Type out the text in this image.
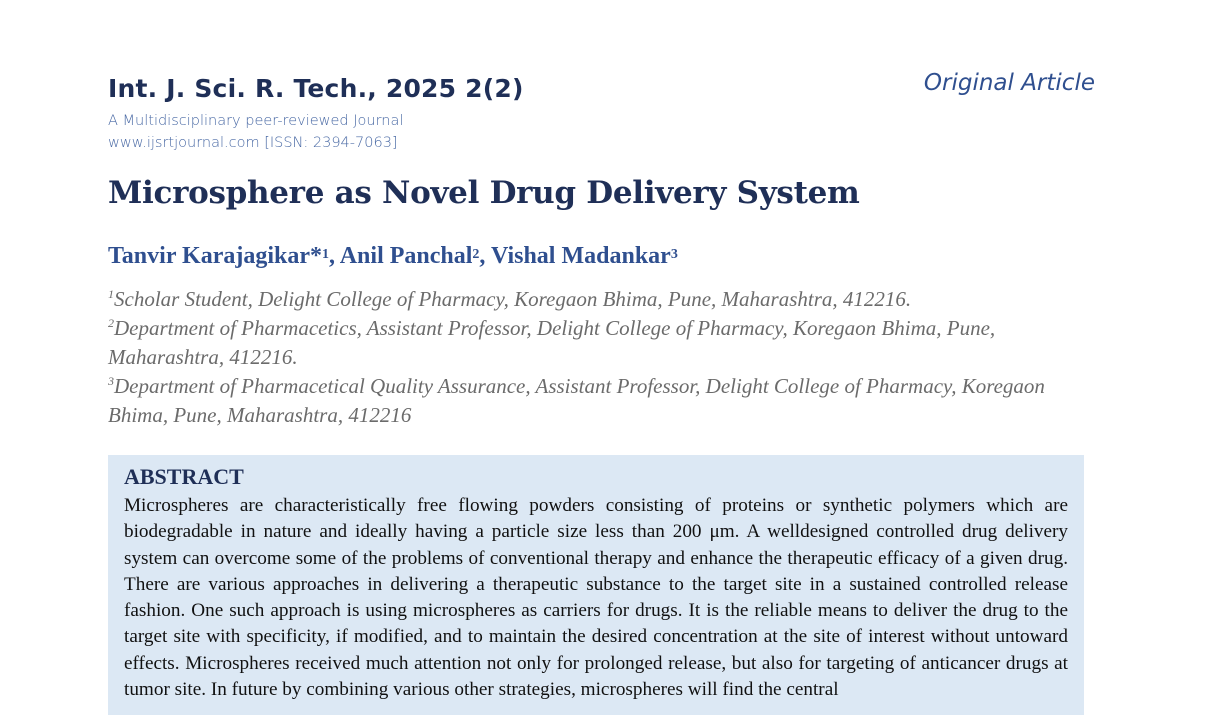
Int. J. Sci. R. Tech., 2025 2(2)	Original Article
A Multidisciplinary peer-reviewed Journal
www.ijsrtjournal.com [ISSN: 2394-7063]
Microsphere as Novel Drug Delivery System
Tanvir Karajagikar*$^1$, Anil Panchal$^2$, Vishal Madankar$^3$
$^1$Scholar Student, Delight College of Pharmacy, Koregaon Bhima, Pune, Maharashtra, 412216.
$^2$Department of Pharmacetics, Assistant Professor, Delight College of Pharmacy, Koregaon Bhima, Pune, Maharashtra, 412216.
$^3$Department of Pharmacetical Quality Assurance, Assistant Professor, Delight College of Pharmacy, Koregaon Bhima, Pune, Maharashtra, 412216
ABSTRACT

Microspheres are characteristically free flowing powders consisting of proteins or synthetic polymers which are biodegradable in nature and ideally having a particle size less than 200 μm. A welldesigned controlled drug delivery system can overcome some of the problems of conventional therapy and enhance the therapeutic efficacy of a given drug. There are various approaches in delivering a therapeutic substance to the target site in a sustained controlled release fashion. One such approach is using microspheres as carriers for drugs. It is the reliable means to deliver the drug to the target site with specificity, if modified, and to maintain the desired concentration at the site of interest without untoward effects. Microspheres received much attention not only for prolonged release, but also for targeting of anticancer drugs at tumor site. In future by combining various other strategies, microspheres will find the central
